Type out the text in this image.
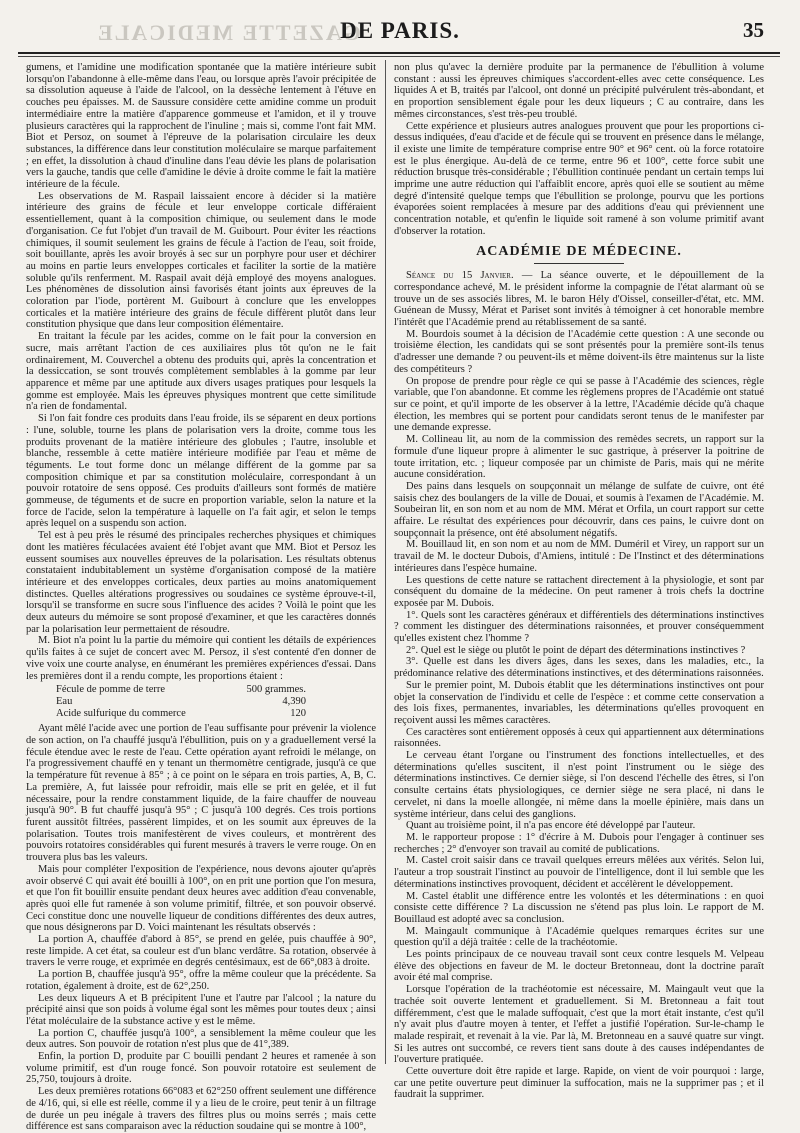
GAZETTE MEDICALE
DE PARIS.	35

gumens, et l'amidine une modification spontanée que la matière intérieure subit lorsqu'on l'abandonne à elle-même dans l'eau, ou lorsque après l'avoir précipitée de sa dissolution aqueuse à l'aide de l'alcool, on la dessèche lentement à l'étuve en couches peu épaisses. M. de Saussure considère cette amidine comme un produit intermédiaire entre la matière d'apparence gommeuse et l'amidon, et il y trouve plusieurs caractères qui la rapprochent de l'inuline ; mais si, comme l'ont fait MM. Biot et Persoz, on soumet à l'épreuve de la polarisation circulaire les deux substances, la différence dans leur constitution moléculaire se marque parfaitement ; en effet, la dissolution à chaud d'inuline dans l'eau dévie les plans de polarisation vers la gauche, tandis que celle d'amidine le dévie à droite comme le fait la matière intérieure de la fécule.

Les observations de M. Raspail laissaient encore à décider si la matière intérieure des grains de fécule et leur enveloppe corticale différaient essentiellement, quant à la composition chimique, ou seulement dans le mode d'organisation. Ce fut l'objet d'un travail de M. Guibourt. Pour éviter les réactions chimiques, il soumit seulement les grains de fécule à l'action de l'eau, soit froide, soit bouillante, après les avoir broyés à sec sur un porphyre pour user et déchirer au moins en partie leurs enveloppes corticales et faciliter la sortie de la matière soluble qu'ils renferment. M. Raspail avait déjà employé des moyens analogues. Les phénomènes de dissolution ainsi favorisés étant joints aux épreuves de la coloration par l'iode, portèrent M. Guibourt à conclure que les enveloppes corticales et la matière intérieure des grains de fécule diffèrent plutôt dans leur constitution physique que dans leur composition élémentaire.

En traitant la fécule par les acides, comme on le fait pour la conversion en sucre, mais arrêtant l'action de ces auxiliaires plus tôt qu'on ne le fait ordinairement, M. Couverchel a obtenu des produits qui, après la concentration et la dessiccation, se sont trouvés complètement semblables à la gomme par leur apparence et même par une aptitude aux divers usages pratiques pour lesquels la gomme est employée. Mais les épreuves physiques montrent que cette similitude n'a rien de fondamental.

Si l'on fait fondre ces produits dans l'eau froide, ils se séparent en deux portions : l'une, soluble, tourne les plans de polarisation vers la droite, comme tous les produits provenant de la matière intérieure des globules ; l'autre, insoluble et blanche, ressemble à cette matière intérieure modifiée par l'eau et même de téguments. Le tout forme donc un mélange différent de la gomme par sa composition chimique et par sa constitution moléculaire, correspondant à un pouvoir rotatoire de sens opposé. Ces produits d'ailleurs sont formés de matière gommeuse, de téguments et de sucre en proportion variable, selon la nature et la force de l'acide, selon la température à laquelle on l'a fait agir, et selon le temps après lequel on a suspendu son action.

Tel est à peu près le résumé des principales recherches physiques et chimiques dont les matières féculacées avaient été l'objet avant que MM. Biot et Persoz les eussent soumises aux nouvelles épreuves de la polarisation. Les résultats obtenus constataient indubitablement un système d'organisation composé de la matière intérieure et des enveloppes corticales, deux parties au moins anatomiquement distinctes. Quelles altérations progressives ou soudaines ce système éprouve-t-il, lorsqu'il se transforme en sucre sous l'influence des acides ? Voilà le point que les deux auteurs du mémoire se sont proposé d'examiner, et que les caractères donnés par la polarisation leur permettaient de résoudre.

M. Biot n'a point lu la partie du mémoire qui contient les détails de expériences qu'ils faites à ce sujet de concert avec M. Persoz, il s'est contenté d'en donner de vive voix une courte analyse, en énumérant les premières expériences d'essai. Dans les premières dont il a rendu compte, les proportions étaient :

Fécule de pomme de terre	500 grammes.
Eau	4,390
Acide sulfurique du commerce	120

Ayant mêlé l'acide avec une portion de l'eau suffisante pour prévenir la violence de son action, on l'a chauffé jusqu'à l'ébullition, puis on y a graduellement versé la fécule étendue avec le reste de l'eau. Cette opération ayant refroidi le mélange, on l'a progressivement chauffé en y tenant un thermomètre centigrade, jusqu'à ce que la température fût revenue à 85° ; à ce point on le sépara en trois parties, A, B, C. La première, A, fut laissée pour refroidir, mais elle se prit en gelée, et il fut nécessaire, pour la rendre constamment liquide, de la faire chauffer de nouveau jusqu'à 90°. B fut chauffé jusqu'à 95° ; C jusqu'à 100 degrés. Ces trois portions furent aussitôt filtrées, passèrent limpides, et on les soumit aux épreuves de la polarisation. Toutes trois manifestèrent de vives couleurs, et montrèrent des pouvoirs rotatoires considérables qui furent mesurés à travers le verre rouge. On en trouvera plus bas les valeurs.

Mais pour compléter l'exposition de l'expérience, nous devons ajouter qu'après avoir observé C qui avait été bouilli à 100°, on en prit une portion que l'on mesura, et que l'on fit bouillir ensuite pendant deux heures avec addition d'eau convenable, après quoi elle fut ramenée à son volume primitif, filtrée, et son pouvoir observé. Ceci constitue donc une nouvelle liqueur de conditions différentes des deux autres, que nous désignerons par D. Voici maintenant les résultats observés :

La portion A, chauffée d'abord à 85°, se prend en gelée, puis chauffée à 90°, reste limpide. A cet état, sa couleur est d'un blanc verdâtre. Sa rotation, observée à travers le verre rouge, et exprimée en degrés centésimaux, est de 66°,083 à droite.

La portion B, chauffée jusqu'à 95°, offre la même couleur que la précédente. Sa rotation, également à droite, est de 62°,250.

Les deux liqueurs A et B précipitent l'une et l'autre par l'alcool ; la nature du précipité ainsi que son poids à volume égal sont les mêmes pour toutes deux ; ainsi l'état moléculaire de la substance active y est le même.

La portion C, chauffée jusqu'à 100°, a sensiblement la même couleur que les deux autres. Son pouvoir de rotation n'est plus que de 41°,389.

Enfin, la portion D, produite par C bouilli pendant 2 heures et ramenée à son volume primitif, est d'un rouge foncé. Son pouvoir rotatoire est seulement de 25,750, toujours à droite.

Les deux premières rotations 66°083 et 62°250 offrent seulement une différence de 4/16, qui, si elle est réelle, comme il y a lieu de le croire, peut tenir à un filtrage de durée un peu inégale à travers des filtres plus ou moins serrés ; mais cette différence est sans comparaison avec la réduction soudaine qui se montre à 100°,

non plus qu'avec la dernière produite par la permanence de l'ébullition à volume constant : aussi les épreuves chimiques s'accordent-elles avec cette conséquence. Les liquides A et B, traités par l'alcool, ont donné un précipité pulvérulent très-abondant, et en proportion sensiblement égale pour les deux liqueurs ; C au contraire, dans les mêmes circonstances, s'est très-peu troublé.

Cette expérience et plusieurs autres analogues prouvent que pour les proportions ci-dessus indiquées, d'eau d'acide et de fécule qui se trouvent en présence dans le mélange, il existe une limite de température comprise entre 90° et 96° cent. où la force rotatoire est le plus énergique. Au-delà de ce terme, entre 96 et 100°, cette force subit une réduction brusque très-considérable ; l'ébullition continuée pendant un certain temps lui imprime une autre réduction qui l'affaiblit encore, après quoi elle se soutient au même degré d'intensité quelque temps que l'ébullition se prolonge, pourvu que les portions évaporées soient remplacées à mesure par des additions d'eau qui préviennent une concentration notable, et qu'enfin le liquide soit ramené à son volume primitif avant d'observer la rotation.

ACADÉMIE DE MÉDECINE.

Séance du 15 Janvier. — La séance ouverte, et le dépouillement de la correspondance achevé, M. le président informe la compagnie de l'état alarmant où se trouve un de ses associés libres, M. le baron Hély d'Oissel, conseiller-d'état, etc. MM. Guénean de Mussy, Mérat et Pariset sont invités à témoigner à cet honorable membre l'intérêt que l'Académie prend au rétablissement de sa santé.

M. Bourdois soumet à la décision de l'Académie cette question : A une seconde ou troisième élection, les candidats qui se sont présentés pour la première sont-ils tenus d'adresser une demande ? ou peuvent-ils et même doivent-ils être maintenus sur la liste des compétiteurs ?

On propose de prendre pour règle ce qui se passe à l'Académie des sciences, règle variable, que l'on abandonne. Et comme les règlemens propres de l'Académie ont statué sur ce point, et qu'il importe de les observer à la lettre, l'Académie décide qu'à chaque élection, les membres qui se portent pour candidats seront tenus de le manifester par une demande expresse.

M. Collineau lit, au nom de la commission des remèdes secrets, un rapport sur la formule d'une liqueur propre à alimenter le suc gastrique, à préserver la poitrine de toute irritation, etc. ; liqueur composée par un chimiste de Paris, mais qui ne mérite aucune considération.

Des pains dans lesquels on soupçonnait un mélange de sulfate de cuivre, ont été saisis chez des boulangers de la ville de Douai, et soumis à l'examen de l'Académie. M. Soubeiran lit, en son nom et au nom de MM. Mérat et Orfila, un court rapport sur cette affaire. Le résultat des expériences pour découvrir, dans ces pains, le cuivre dont on soupçonnait la présence, ont été absolument négatifs.

M. Bouillaud lit, en son nom et au nom de MM. Duméril et Virey, un rapport sur un travail de M. le docteur Dubois, d'Amiens, intitulé : De l'Instinct et des déterminations intérieures dans l'espèce humaine.

Les questions de cette nature se rattachent directement à la physiologie, et sont par conséquent du domaine de la médecine. On peut ramener à trois chefs la doctrine exposée par M. Dubois.

1°. Quels sont les caractères généraux et différentiels des déterminations instinctives ? comment les distinguer des déterminations raisonnées, et prouver conséquemment qu'elles existent chez l'homme ?

2°. Quel est le siège ou plutôt le point de départ des déterminations instinctives ?

3°. Quelle est dans les divers âges, dans les sexes, dans les maladies, etc., la prédominance relative des déterminations instinctives, et des déterminations raisonnées.

Sur le premier point, M. Dubois établit que les déterminations instinctives ont pour objet la conservation de l'individu et celle de l'espèce : et comme cette conservation a des lois fixes, permanentes, invariables, les déterminations qu'elles provoquent en reçoivent aussi les mêmes caractères.

Ces caractères sont entièrement opposés à ceux qui appartiennent aux déterminations raisonnées.

Le cerveau étant l'organe ou l'instrument des fonctions intellectuelles, et des déterminations qu'elles suscitent, il n'est point l'instrument ou le siège des déterminations instinctives. Ce dernier siège, si l'on descend l'échelle des êtres, si l'on consulte certains états physiologiques, ce dernier siège ne sera placé, ni dans le cervelet, ni dans la moelle allongée, ni même dans la moelle épinière, mais dans un système intérieur, dans celui des ganglions.

Quant au troisième point, il n'a pas encore été développé par l'auteur.

M. le rapporteur propose : 1° d'écrire à M. Dubois pour l'engager à continuer ses recherches ; 2° d'envoyer son travail au comité de publications.

M. Castel croit saisir dans ce travail quelques erreurs mêlées aux vérités. Selon lui, l'auteur a trop soustrait l'instinct au pouvoir de l'intelligence, dont il lui semble que les déterminations instinctives provoquent, décident et accélèrent le développement.

M. Castel établit une différence entre les volontés et les déterminations : en quoi consiste cette différence ? La discussion ne s'étend pas plus loin. Le rapport de M. Bouillaud est adopté avec sa conclusion.

M. Maingault communique à l'Académie quelques remarques écrites sur une question qu'il a déjà traitée : celle de la trachéotomie.

Les points principaux de ce nouveau travail sont ceux contre lesquels M. Velpeau élève des objections en faveur de M. le docteur Bretonneau, dont la doctrine paraît avoir été mal comprise.

Lorsque l'opération de la trachéotomie est nécessaire, M. Maingault veut que la trachée soit ouverte lentement et graduellement. Si M. Bretonneau a fait tout différemment, c'est que le malade suffoquait, c'est que la mort était instante, c'est qu'il n'y avait plus d'autre moyen à tenter, et l'effet a justifié l'opération. Sur-le-champ le malade respirait, et revenait à la vie. Par là, M. Bretonneau en a sauvé quatre sur vingt. Si les autres ont succombé, ce revers tient sans doute à des causes indépendantes de l'ouverture pratiquée.

Cette ouverture doit être rapide et large. Rapide, on vient de voir pourquoi : large, car une petite ouverture peut diminuer la suffocation, mais ne la supprimer pas ; et il faudrait la supprimer.
